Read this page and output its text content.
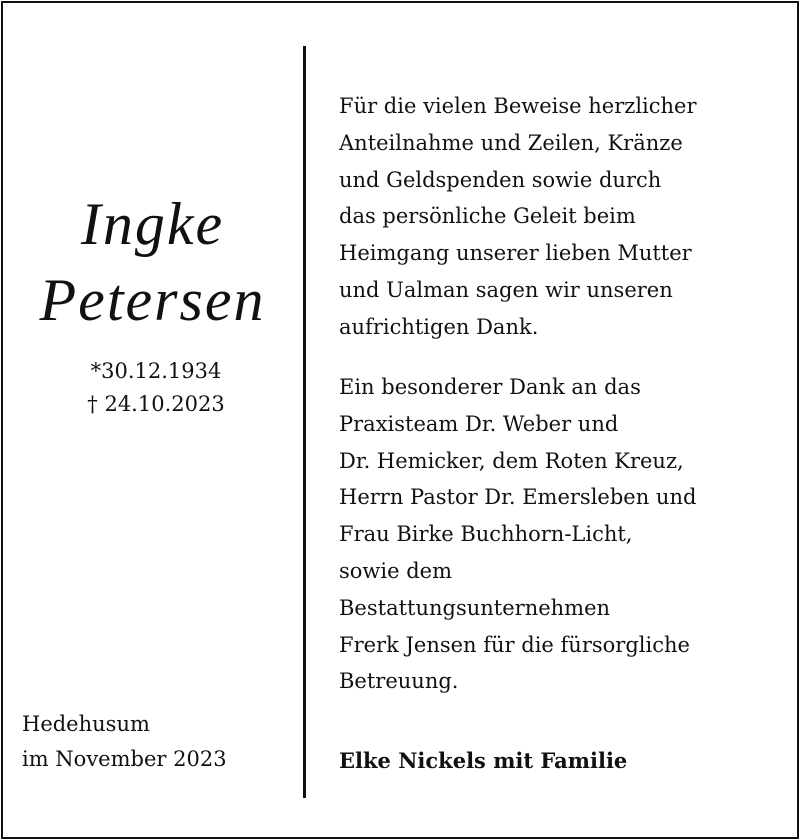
Ingke
Petersen
*30.12.1934
† 24.10.2023
Hedehusum
im November 2023
Für die vielen Beweise herzlicher
Anteilnahme und Zeilen, Kränze
und Geldspenden sowie durch
das persönliche Geleit beim
Heimgang unserer lieben Mutter
und Ualman sagen wir unseren
aufrichtigen Dank.
Ein besonderer Dank an das
Praxisteam Dr. Weber und
Dr. Hemicker, dem Roten Kreuz,
Herrn Pastor Dr. Emersleben und
Frau Birke Buchhorn-Licht,
sowie dem
Bestattungsunternehmen
Frerk Jensen für die fürsorgliche
Betreuung.
Elke Nickels mit Familie
